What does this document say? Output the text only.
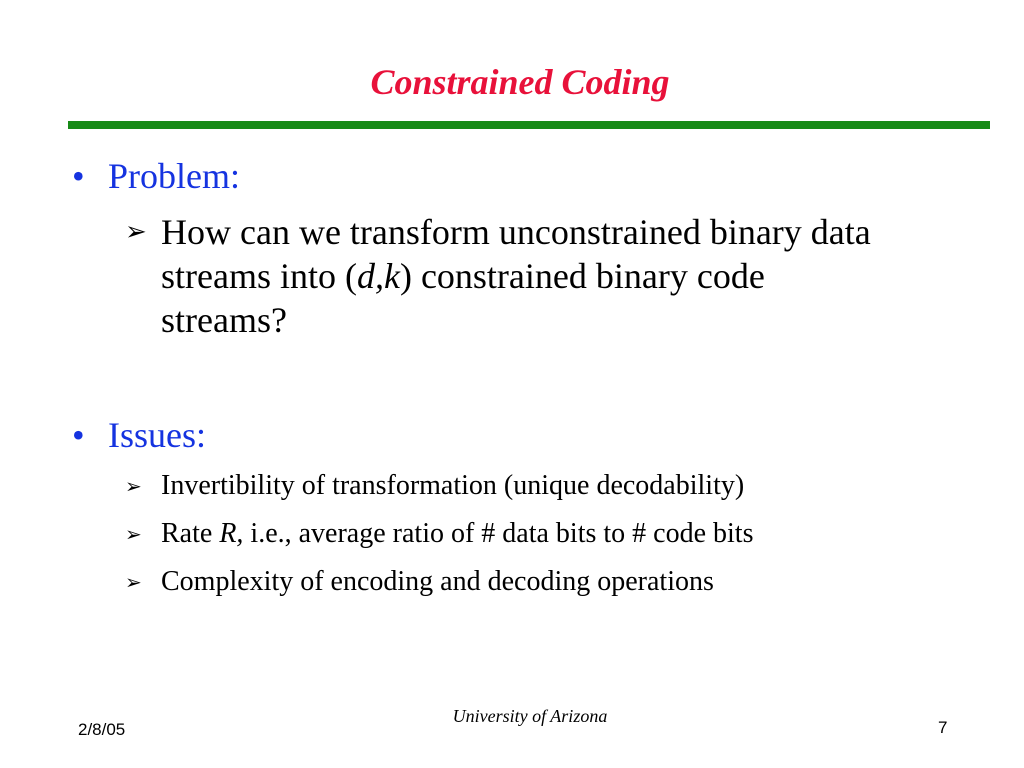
Constrained Coding
• Problem:
➢ How can we transform unconstrained binary data
streams into (d,k) constrained binary code
streams?
• Issues:
➢ Invertibility of transformation (unique decodability)
➢ Rate R, i.e., average ratio of # data bits to # code bits
➢ Complexity of encoding and decoding operations
2/8/05
University of Arizona
7
